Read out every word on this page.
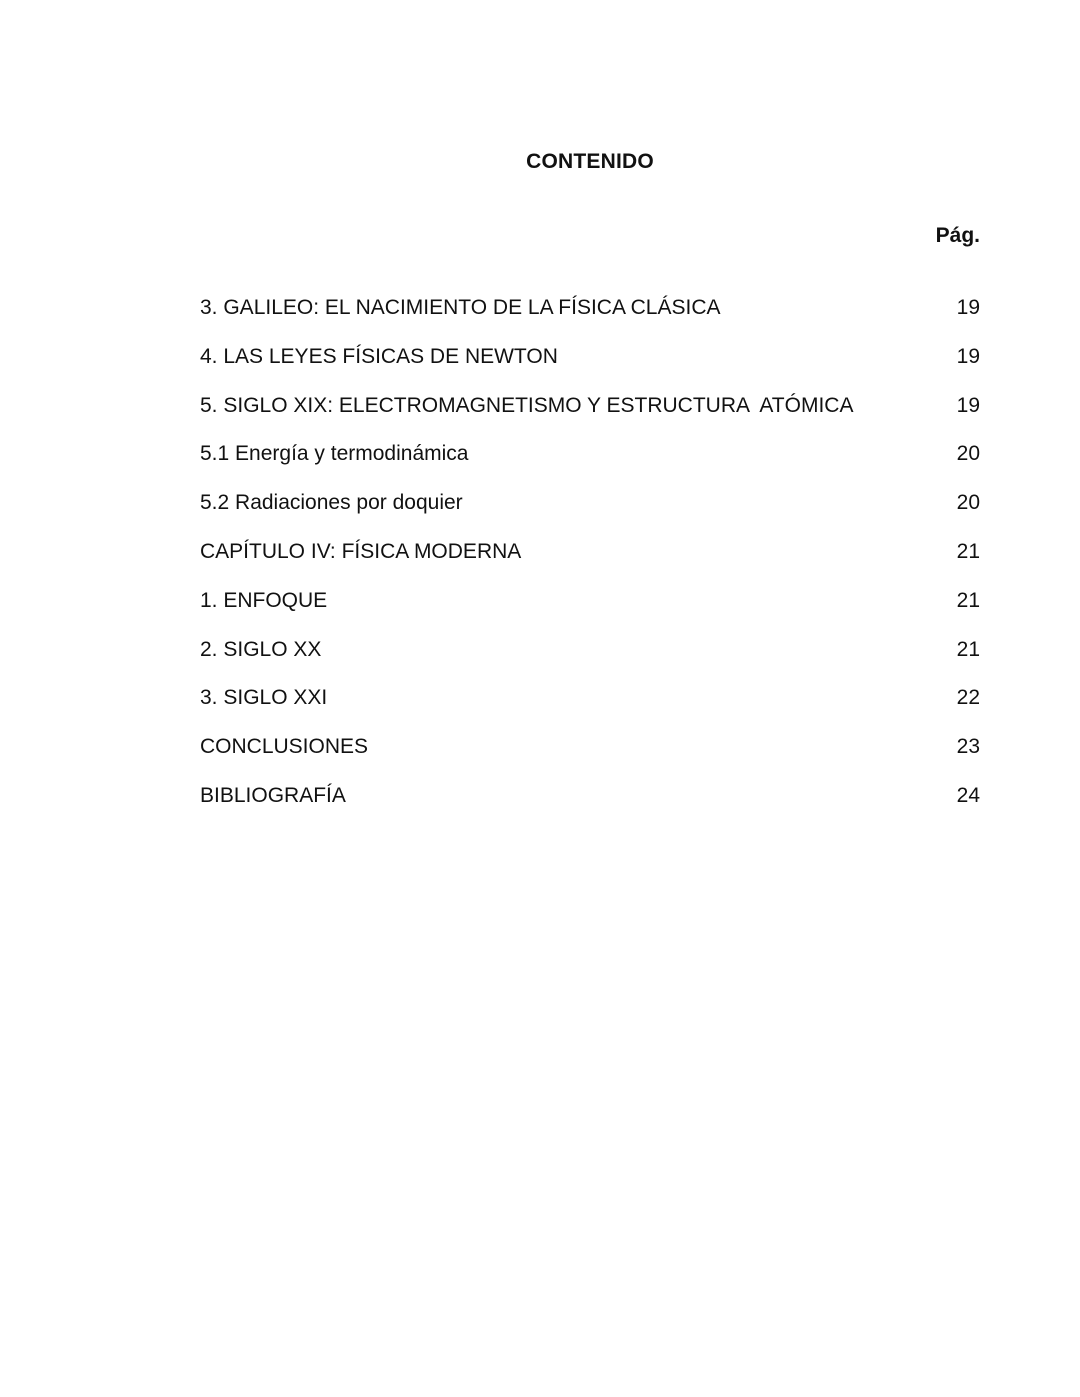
CONTENIDO
Pág.
3. GALILEO: EL NACIMIENTO DE LA FÍSICA CLÁSICA	19
4. LAS LEYES FÍSICAS DE NEWTON	19
5. SIGLO XIX: ELECTROMAGNETISMO Y ESTRUCTURA  ATÓMICA	19
5.1 Energía y termodinámica	20
5.2 Radiaciones por doquier	20
CAPÍTULO IV: FÍSICA MODERNA	21
1. ENFOQUE	21
2. SIGLO XX	21
3. SIGLO XXI	22
CONCLUSIONES	23
BIBLIOGRAFÍA	24
